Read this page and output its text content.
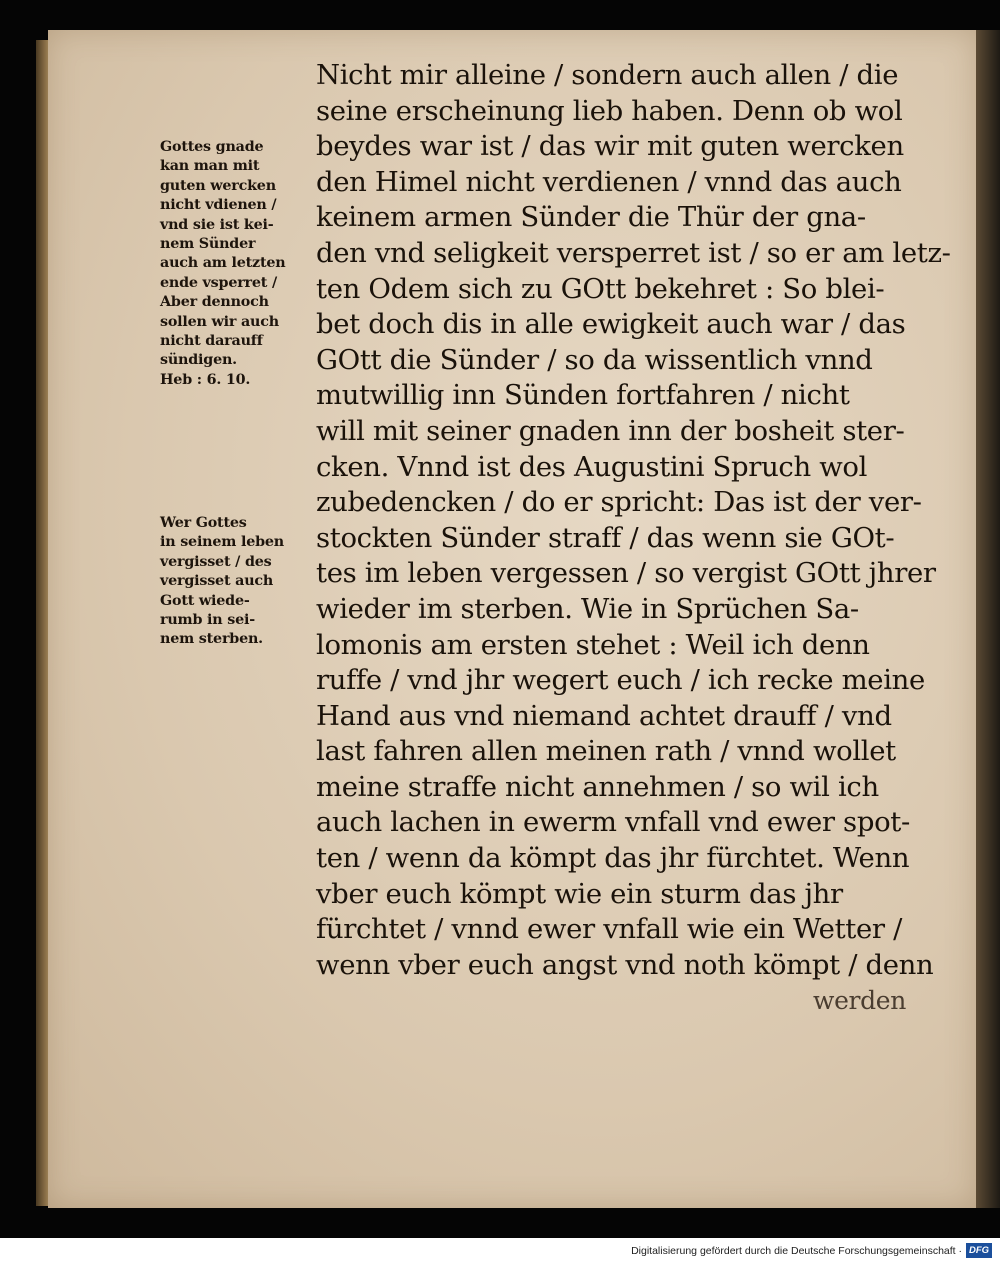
Gottes gnade
kan man mit
guten wercken
nicht vdienen /
vnd sie ist kei-
nem Sünder
auch am letzten
ende vsperret /
Aber dennoch
sollen wir auch
nicht darauff
sündigen.
Heb : 6. 10.
Wer Gottes
in seinem leben
vergisset / des
vergisset auch
Gott wiede-
rumb in sei-
nem sterben.
Nicht mir alleine / sondern auch allen / die
seine erscheinung lieb haben. Denn ob wol
beydes war ist / das wir mit guten wercken
den Himel nicht verdienen / vnnd das auch
keinem armen Sünder die Thür der gna-
den vnd seligkeit versperret ist / so er am letz-
ten Odem sich zu GOtt bekehret : So blei-
bet doch dis in alle ewigkeit auch war / das
GOtt die Sünder / so da wissentlich vnnd
mutwillig inn Sünden fortfahren / nicht
will mit seiner gnaden inn der bosheit ster-
cken. Vnnd ist des Augustini Spruch wol
zubedencken / do er spricht: Das ist der ver-
stockten Sünder straff / das wenn sie GOt-
tes im leben vergessen / so vergist GOtt jhrer
wieder im sterben. Wie in Sprüchen Sa-
lomonis am ersten stehet : Weil ich denn
ruffe / vnd jhr wegert euch / ich recke meine
Hand aus vnd niemand achtet drauff / vnd
last fahren allen meinen rath / vnnd wollet
meine straffe nicht annehmen / so wil ich
auch lachen in ewerm vnfall vnd ewer spot-
ten / wenn da kömpt das jhr fürchtet. Wenn
vber euch kömpt wie ein sturm das jhr
fürchtet / vnnd ewer vnfall wie ein Wetter /
wenn vber euch angst vnd noth kömpt / denn
werden
Digitalisierung gefördert durch die Deutsche Forschungsgemeinschaft · DFG
